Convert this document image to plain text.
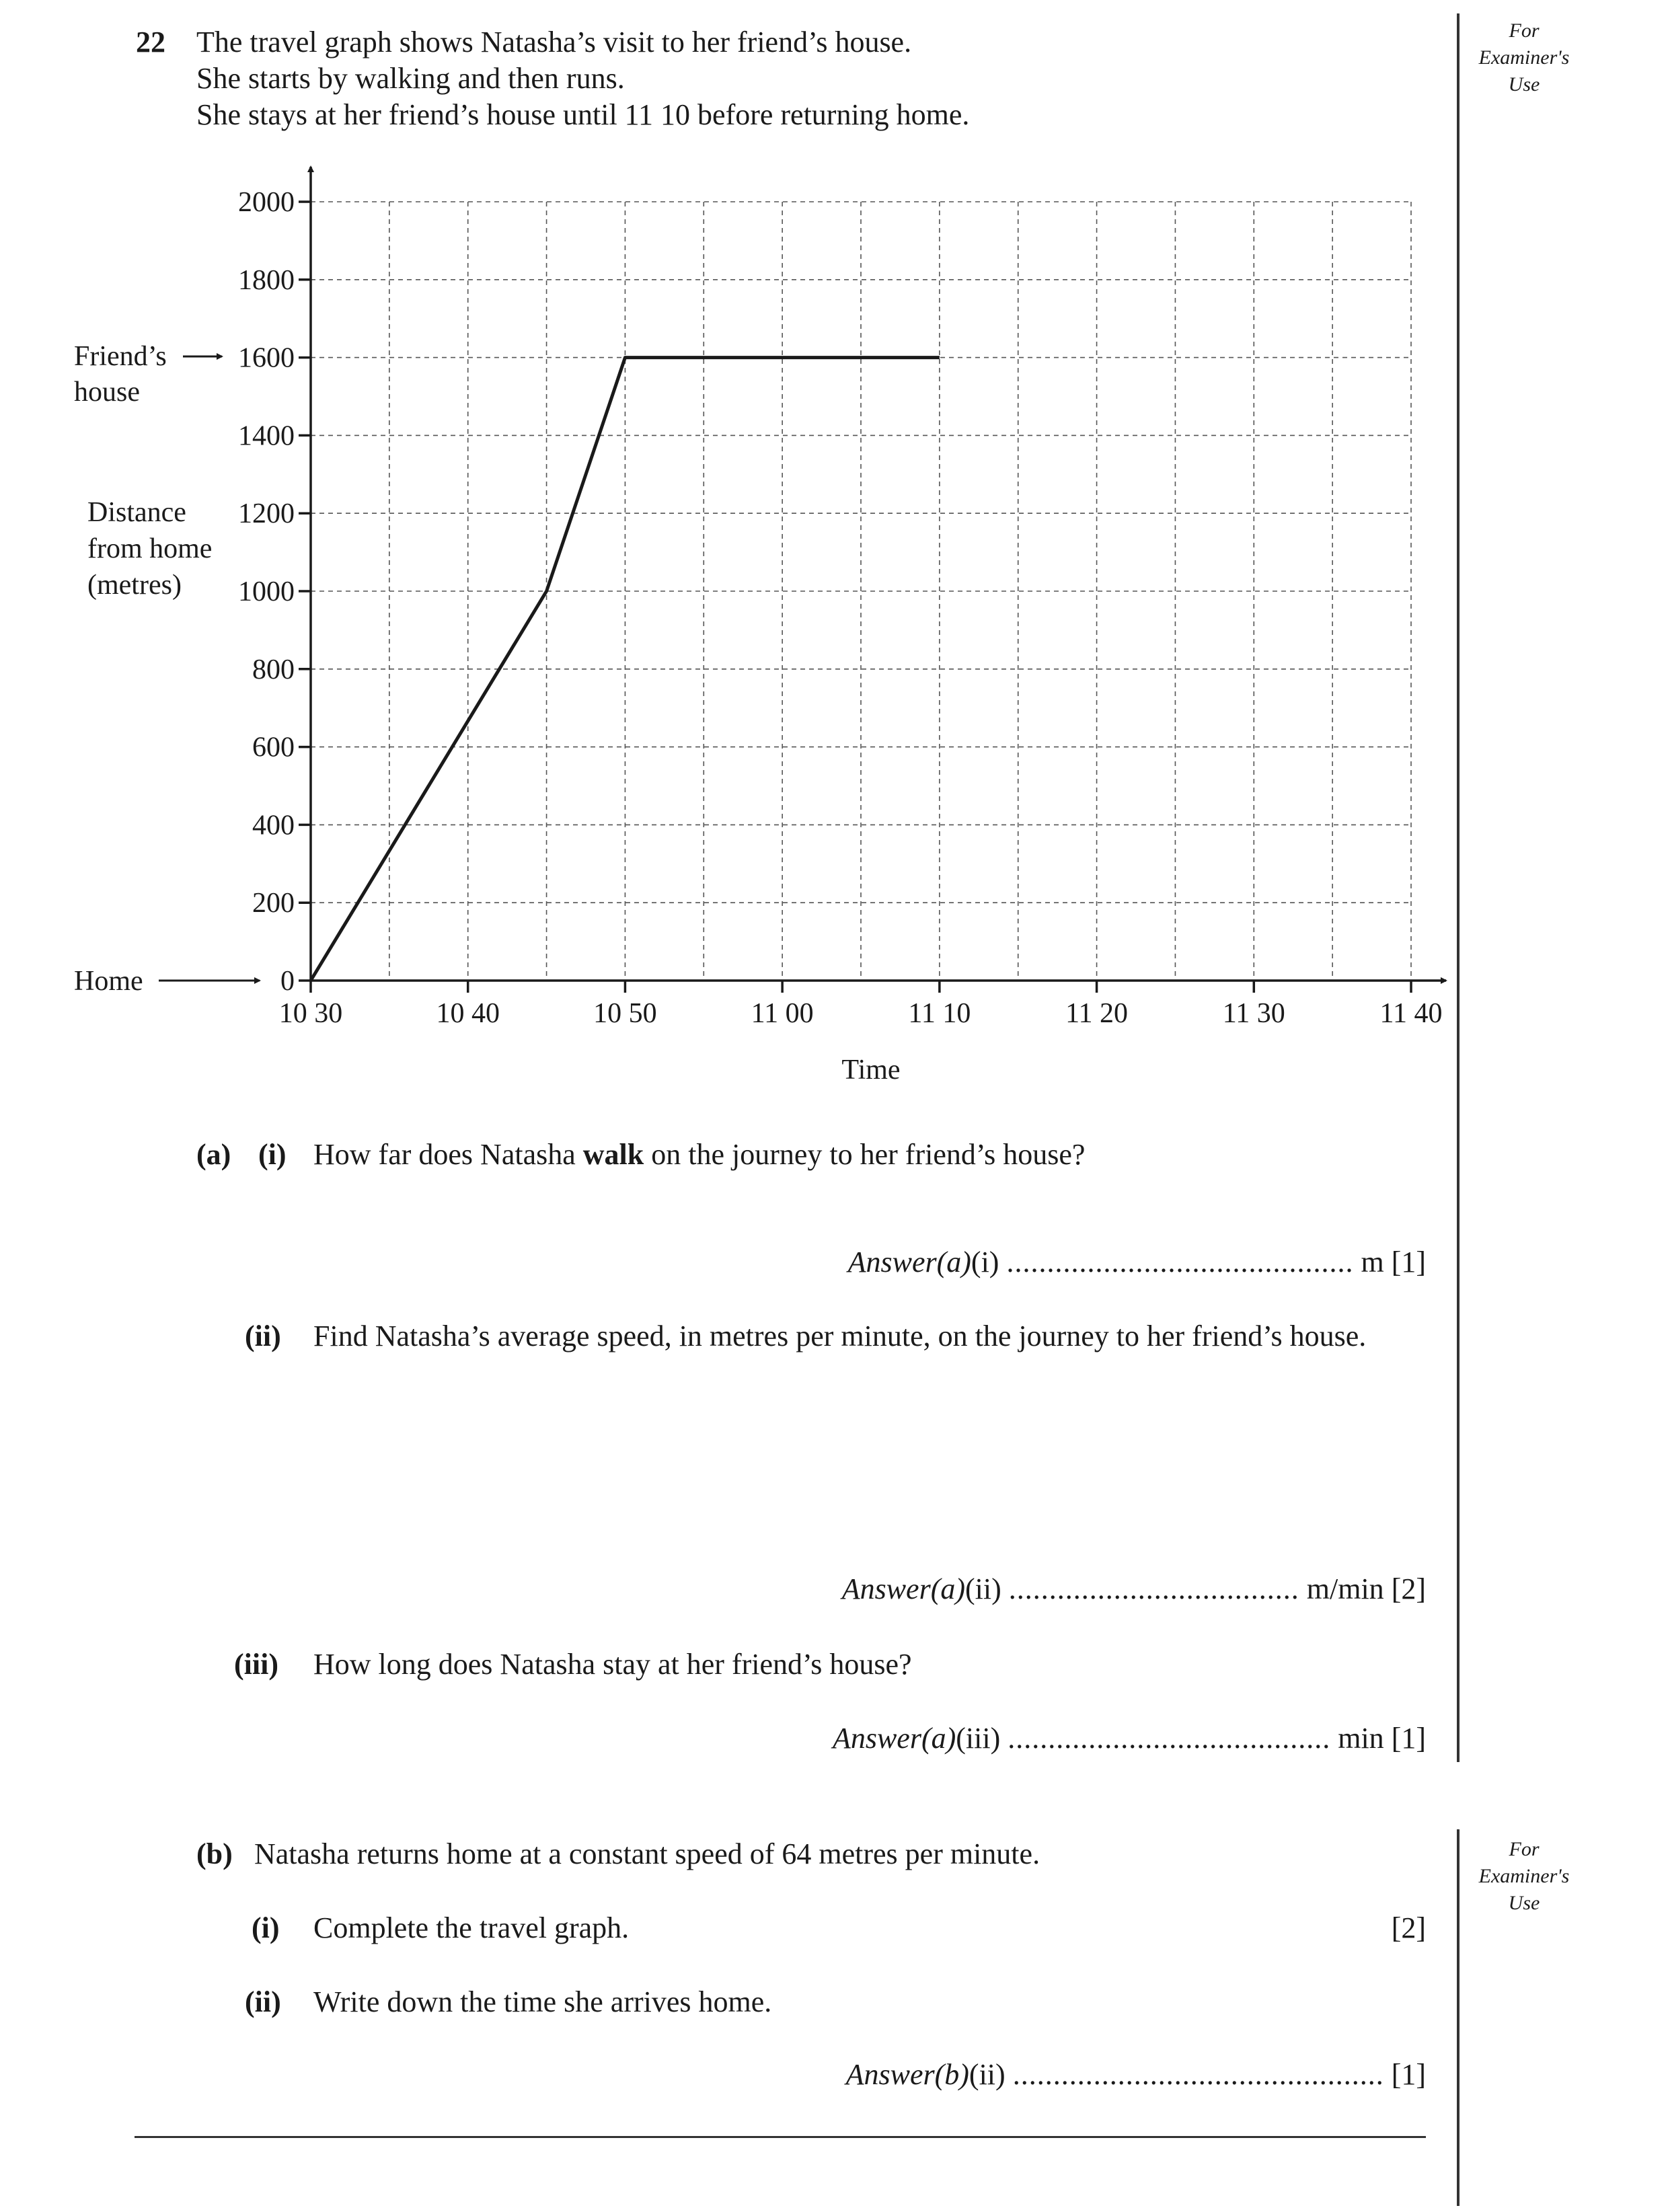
For Examiner's Use
For Examiner's Use
22 The travel graph shows Natasha’s visit to her friend’s house.
She starts by walking and then runs.
She stays at her friend’s house until 11 10 before returning home.
0
200
400
600
800
1000
1200
1400
1600
1800
2000
10 30	10 40	10 50	11 00	11 10	11 20	11 30	11 40
Friend’s
house
Distance
from home
(metres)
Home
Time
(a) (i) How far does Natasha walk on the journey to her friend’s house?
Answer(a)(i) ........................................... m [1]
(ii) Find Natasha’s average speed, in metres per minute, on the journey to her friend’s house.
Answer(a)(ii) .................................... m/min [2]
(iii) How long does Natasha stay at her friend’s house?
Answer(a)(iii) ........................................ min [1]
(b) Natasha returns home at a constant speed of 64 metres per minute.
(i) Complete the travel graph.	[2]
(ii) Write down the time she arrives home.
Answer(b)(ii) .............................................. [1]
